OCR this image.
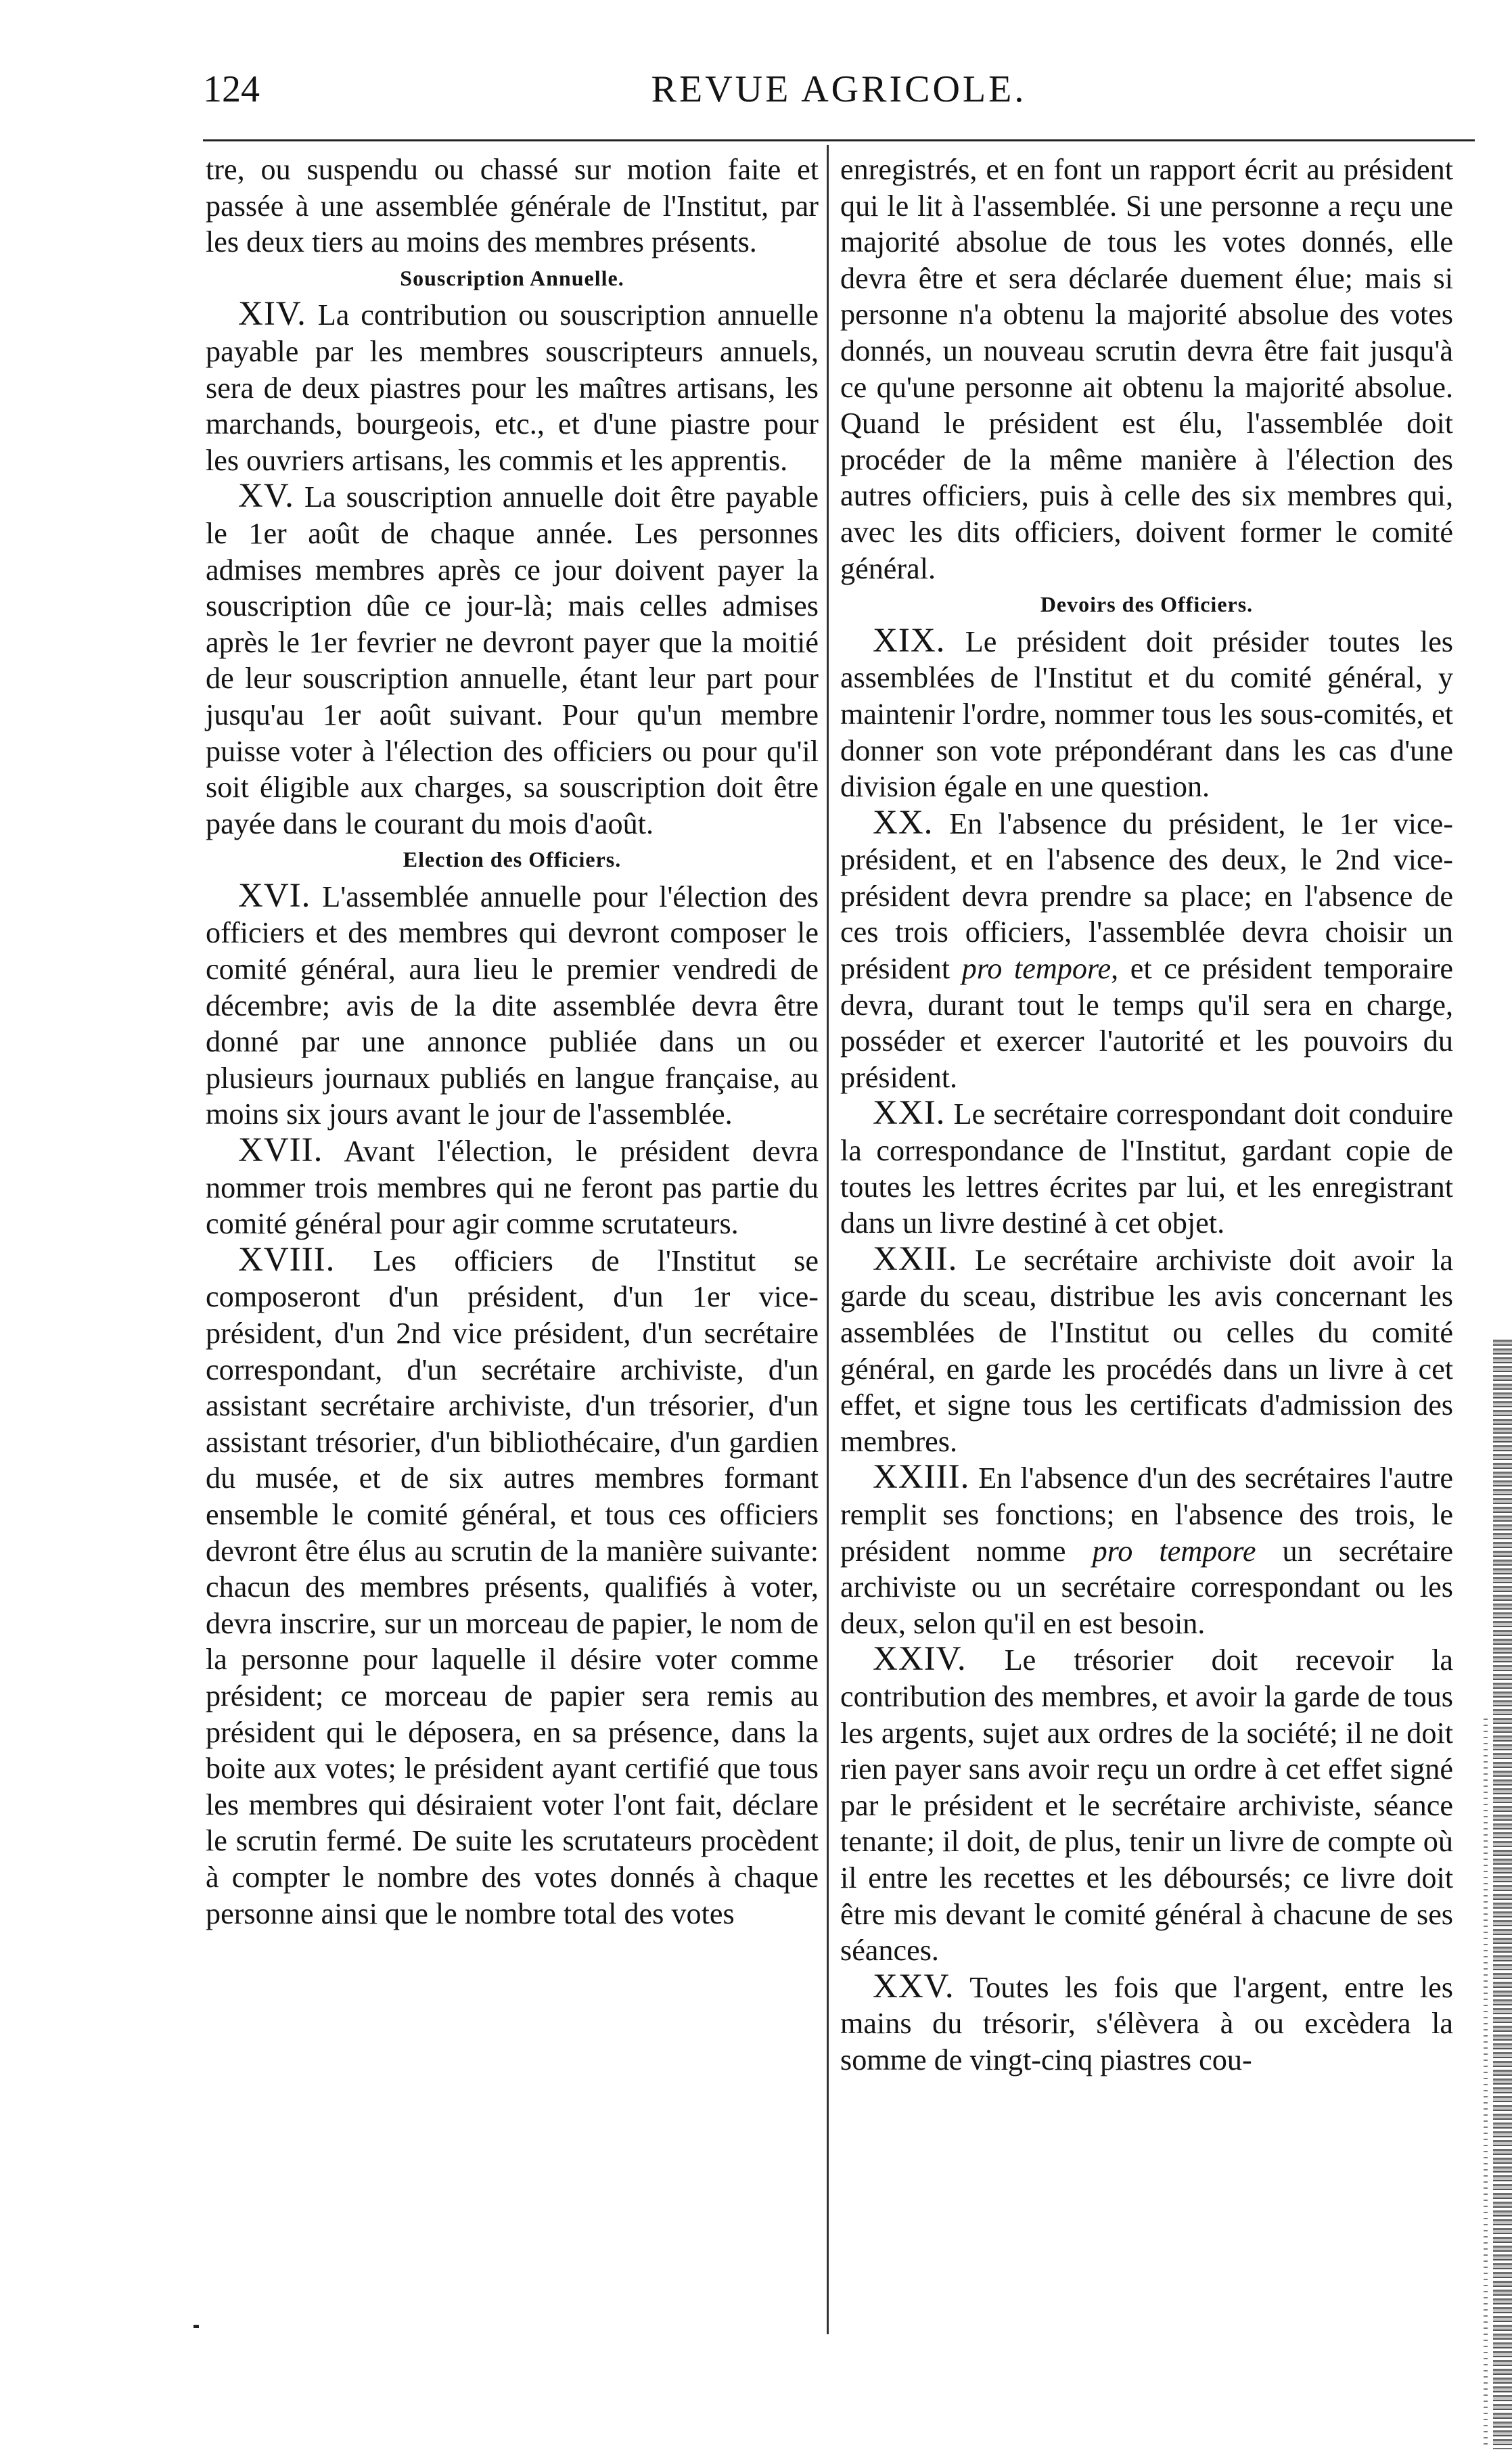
124	REVUE AGRICOLE.

tre, ou suspendu ou chassé sur motion faite et passée à une assemblée générale de l'Institut, par les deux tiers au moins des membres présents.

Souscription Annuelle.

XIV. La contribution ou souscription annuelle payable par les membres souscripteurs annuels, sera de deux piastres pour les maîtres artisans, les marchands, bourgeois, etc., et d'une piastre pour les ouvriers artisans, les commis et les apprentis.

XV. La souscription annuelle doit être payable le 1er août de chaque année. Les personnes admises membres après ce jour doivent payer la souscription dûe ce jour-là; mais celles admises après le 1er fevrier ne devront payer que la moitié de leur souscription annuelle, étant leur part pour jusqu'au 1er août suivant. Pour qu'un membre puisse voter à l'élection des officiers ou pour qu'il soit éligible aux charges, sa souscription doit être payée dans le courant du mois d'août.

Election des Officiers.

XVI. L'assemblée annuelle pour l'élection des officiers et des membres qui devront composer le comité général, aura lieu le premier vendredi de décembre; avis de la dite assemblée devra être donné par une annonce publiée dans un ou plusieurs journaux publiés en langue française, au moins six jours avant le jour de l'assemblée.

XVII. Avant l'élection, le président devra nommer trois membres qui ne feront pas partie du comité général pour agir comme scrutateurs.

XVIII. Les officiers de l'Institut se composeront d'un président, d'un 1er vice-président, d'un 2nd vice président, d'un secrétaire correspondant, d'un secrétaire archiviste, d'un assistant secrétaire archiviste, d'un trésorier, d'un assistant trésorier, d'un bibliothécaire, d'un gardien du musée, et de six autres membres formant ensemble le comité général, et tous ces officiers devront être élus au scrutin de la manière suivante: chacun des membres présents, qualifiés à voter, devra inscrire, sur un morceau de papier, le nom de la personne pour laquelle il désire voter comme président; ce morceau de papier sera remis au président qui le déposera, en sa présence, dans la boite aux votes; le président ayant certifié que tous les membres qui désiraient voter l'ont fait, déclare le scrutin fermé. De suite les scrutateurs procèdent à compter le nombre des votes donnés à chaque personne ainsi que le nombre total des votes

enregistrés, et en font un rapport écrit au président qui le lit à l'assemblée. Si une personne a reçu une majorité absolue de tous les votes donnés, elle devra être et sera déclarée duement élue; mais si personne n'a obtenu la majorité absolue des votes donnés, un nouveau scrutin devra être fait jusqu'à ce qu'une personne ait obtenu la majorité absolue. Quand le président est élu, l'assemblée doit procéder de la même manière à l'élection des autres officiers, puis à celle des six membres qui, avec les dits officiers, doivent former le comité général.

Devoirs des Officiers.

XIX. Le président doit présider toutes les assemblées de l'Institut et du comité général, y maintenir l'ordre, nommer tous les sous-comités, et donner son vote prépondérant dans les cas d'une division égale en une question.

XX. En l'absence du président, le 1er vice-président, et en l'absence des deux, le 2nd vice-président devra prendre sa place; en l'absence de ces trois officiers, l'assemblée devra choisir un président pro tempore, et ce président temporaire devra, durant tout le temps qu'il sera en charge, posséder et exercer l'autorité et les pouvoirs du président.

XXI. Le secrétaire correspondant doit conduire la correspondance de l'Institut, gardant copie de toutes les lettres écrites par lui, et les enregistrant dans un livre destiné à cet objet.

XXII. Le secrétaire archiviste doit avoir la garde du sceau, distribue les avis concernant les assemblées de l'Institut ou celles du comité général, en garde les procédés dans un livre à cet effet, et signe tous les certificats d'admission des membres.

XXIII. En l'absence d'un des secrétaires l'autre remplit ses fonctions; en l'absence des trois, le président nomme pro tempore un secrétaire archiviste ou un secrétaire correspondant ou les deux, selon qu'il en est besoin.

XXIV. Le trésorier doit recevoir la contribution des membres, et avoir la garde de tous les argents, sujet aux ordres de la société; il ne doit rien payer sans avoir reçu un ordre à cet effet signé par le président et le secrétaire archiviste, séance tenante; il doit, de plus, tenir un livre de compte où il entre les recettes et les déboursés; ce livre doit être mis devant le comité général à chacune de ses séances.

XXV. Toutes les fois que l'argent, entre les mains du trésorir, s'élèvera à ou excèdera la somme de vingt-cinq piastres cou-
